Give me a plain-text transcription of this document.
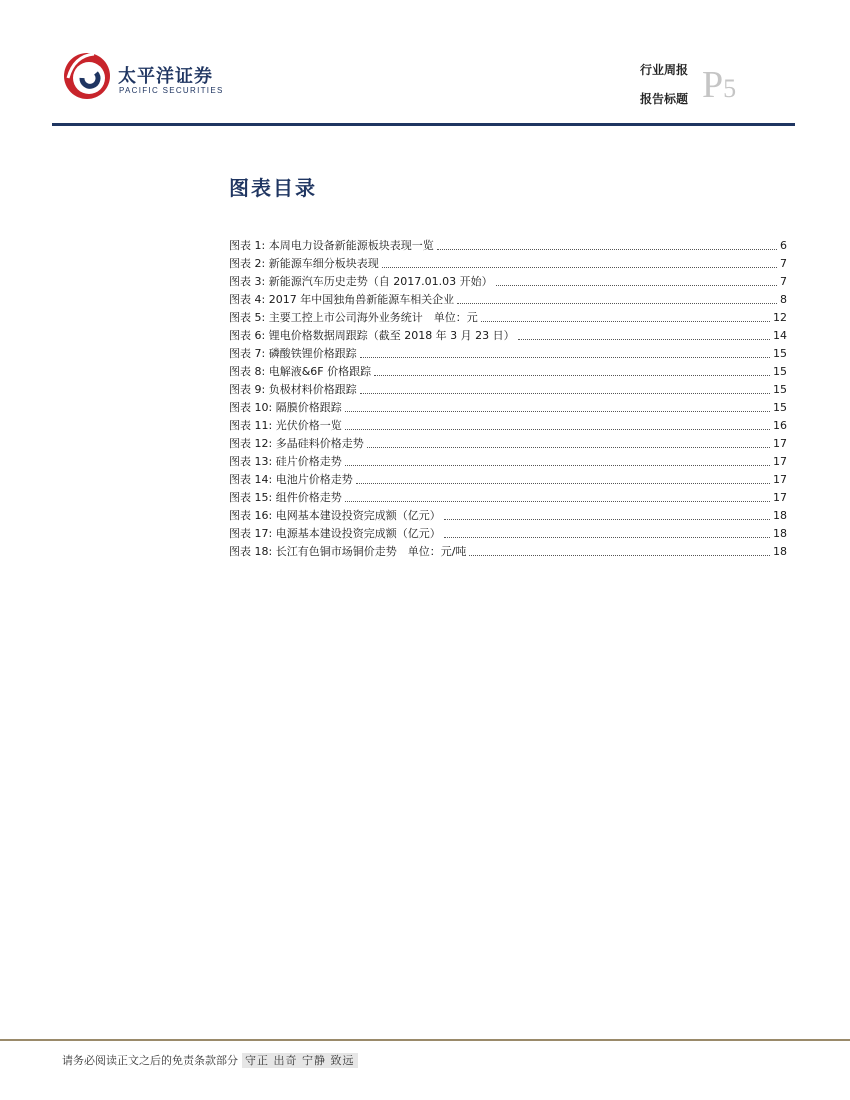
太平洋证券
PACIFIC SECURITIES
行业周报
报告标题 P5
图表目录
图表 1: 本周电力设备新能源板块表现一览	6
图表 2: 新能源车细分板块表现	7
图表 3: 新能源汽车历史走势（自 2017.01.03 开始）	7
图表 4: 2017 年中国独角兽新能源车相关企业	8
图表 5: 主要工控上市公司海外业务统计　单位：元	12
图表 6: 锂电价格数据周跟踪（截至 2018 年 3 月 23 日）	14
图表 7: 磷酸铁锂价格跟踪	15
图表 8: 电解液&6F 价格跟踪	15
图表 9: 负极材料价格跟踪	15
图表 10: 隔膜价格跟踪	15
图表 11: 光伏价格一览	16
图表 12: 多晶硅料价格走势	17
图表 13: 硅片价格走势	17
图表 14: 电池片价格走势	17
图表 15: 组件价格走势	17
图表 16: 电网基本建设投资完成额（亿元）	18
图表 17: 电源基本建设投资完成额（亿元）	18
图表 18: 长江有色铜市场铜价走势　单位：元/吨	18
请务必阅读正文之后的免责条款部分 守正 出奇 宁静 致远
